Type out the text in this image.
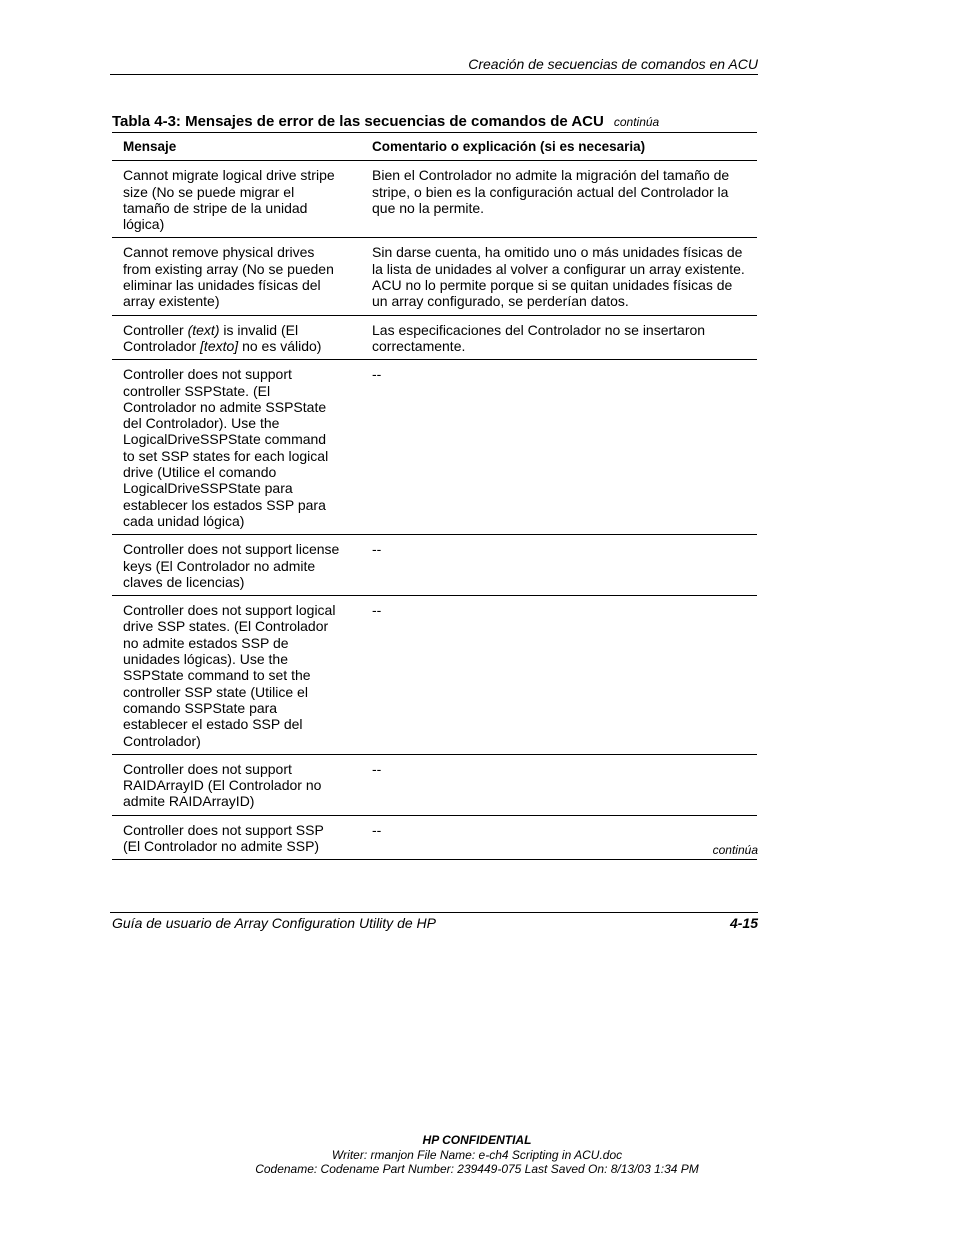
Creación de secuencias de comandos en ACU
Tabla 4-3: Mensajes de error de las secuencias de comandos de ACU continúa
Mensaje	Comentario o explicación (si es necesaria)
Cannot migrate logical drive stripe size (No se puede migrar el tamaño de stripe de la unidad lógica)	Bien el Controlador no admite la migración del tamaño de stripe, o bien es la configuración actual del Controlador la que no la permite.
Cannot remove physical drives from existing array (No se pueden eliminar las unidades físicas del array existente)	Sin darse cuenta, ha omitido uno o más unidades físicas de la lista de unidades al volver a configurar un array existente. ACU no lo permite porque si se quitan unidades físicas de un array configurado, se perderían datos.
Controller (text) is invalid (El Controlador [texto] no es válido)	Las especificaciones del Controlador no se insertaron correctamente.
Controller does not support controller SSPState. (El Controlador no admite SSPState del Controlador). Use the LogicalDriveSSPState command to set SSP states for each logical drive (Utilice el comando LogicalDriveSSPState para establecer los estados SSP para cada unidad lógica)	--
Controller does not support license keys (El Controlador no admite claves de licencias)	--
Controller does not support logical drive SSP states. (El Controlador no admite estados SSP de unidades lógicas). Use the SSPState command to set the controller SSP state (Utilice el comando SSPState para establecer el estado SSP del Controlador)	--
Controller does not support RAIDArrayID (El Controlador no admite RAIDArrayID)	--
Controller does not support SSP (El Controlador no admite SSP)	--
continúa
Guía de usuario de Array Configuration Utility de HP	4-15
HP CONFIDENTIAL
Writer: rmanjon File Name: e-ch4 Scripting in ACU.doc
Codename: Codename Part Number: 239449-075 Last Saved On: 8/13/03 1:34 PM
